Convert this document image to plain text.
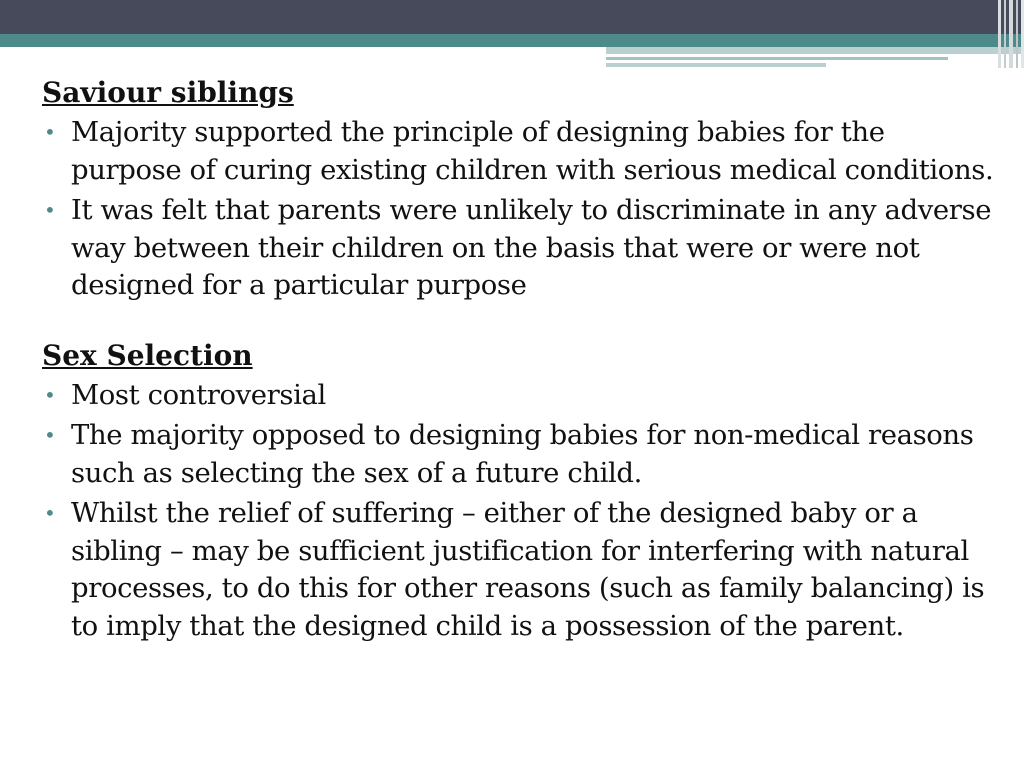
Saviour siblings
• Majority supported the principle of designing babies for the purpose of curing existing children with serious medical conditions.
• It was felt that parents were unlikely to discriminate in any adverse way between their children on the basis that were or were not designed for a particular purpose
Sex Selection
• Most controversial
• The majority opposed to designing babies for non-medical reasons such as selecting the sex of a future child.
• Whilst the relief of suffering – either of the designed baby or a sibling – may be sufficient justification for interfering with natural processes, to do this for other reasons (such as family balancing) is to imply that the designed child is a possession of the parent.
